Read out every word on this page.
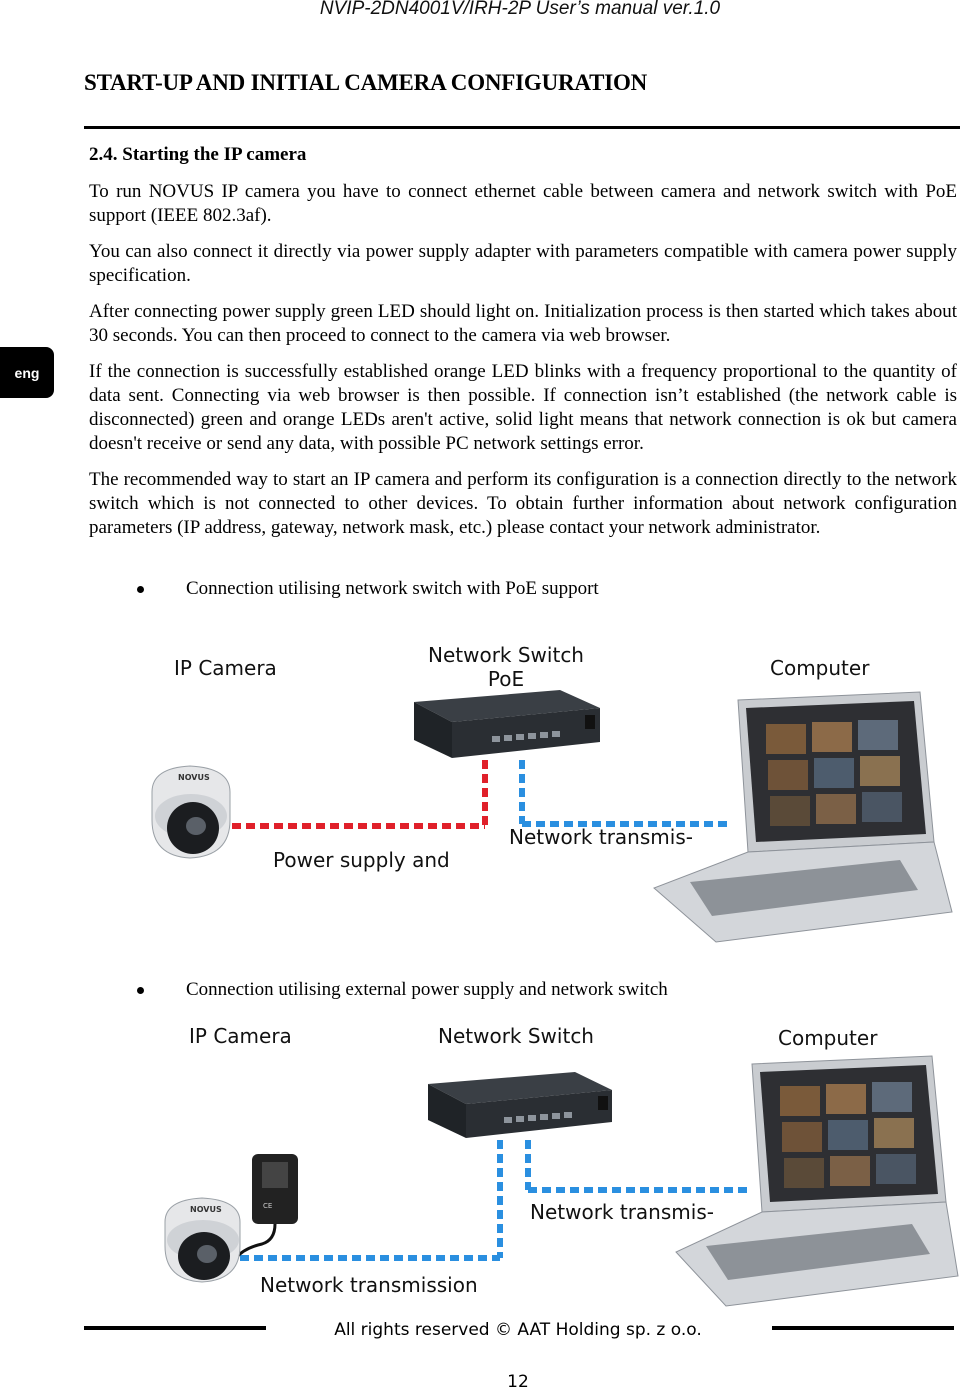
NVIP-2DN4001V/IRH-2P User’s manual ver.1.0
START-UP AND INITIAL CAMERA CONFIGURATION
2.4. Starting the IP camera
To run NOVUS IP camera you have to connect ethernet cable between camera and network switch with PoE support (IEEE 802.3af).
You can also connect it directly via power supply adapter with parameters compatible with camera power supply specification.
After connecting power supply green LED should light on. Initialization process is then started which takes about 30 seconds. You can then proceed to connect to the camera via web browser.
If the connection is successfully established orange LED blinks with a frequency proportional to the quantity of data sent. Connecting via web browser is then possible. If connection isn’t established (the network cable is disconnected) green and orange LEDs aren't active, solid light means that network connection is ok but camera doesn't receive or send any data, with possible PC network settings error.
The recommended way to start an IP camera and perform its configuration is a connection directly to the network switch which is not connected to other devices. To obtain further information about network configuration parameters (IP address, gateway, network mask, etc.) please contact your network administrator.
eng
Connection utilising network switch with PoE support
IP Camera
Network Switch
PoE	Computer
Power supply and
Network transmis-
NOVUS
Connection utilising external power supply and network switch
IP Camera	Network Switch	Computer
Network transmis-
Network transmission
CE
NOVUS
All rights reserved © AAT Holding sp. z o.o.
12
